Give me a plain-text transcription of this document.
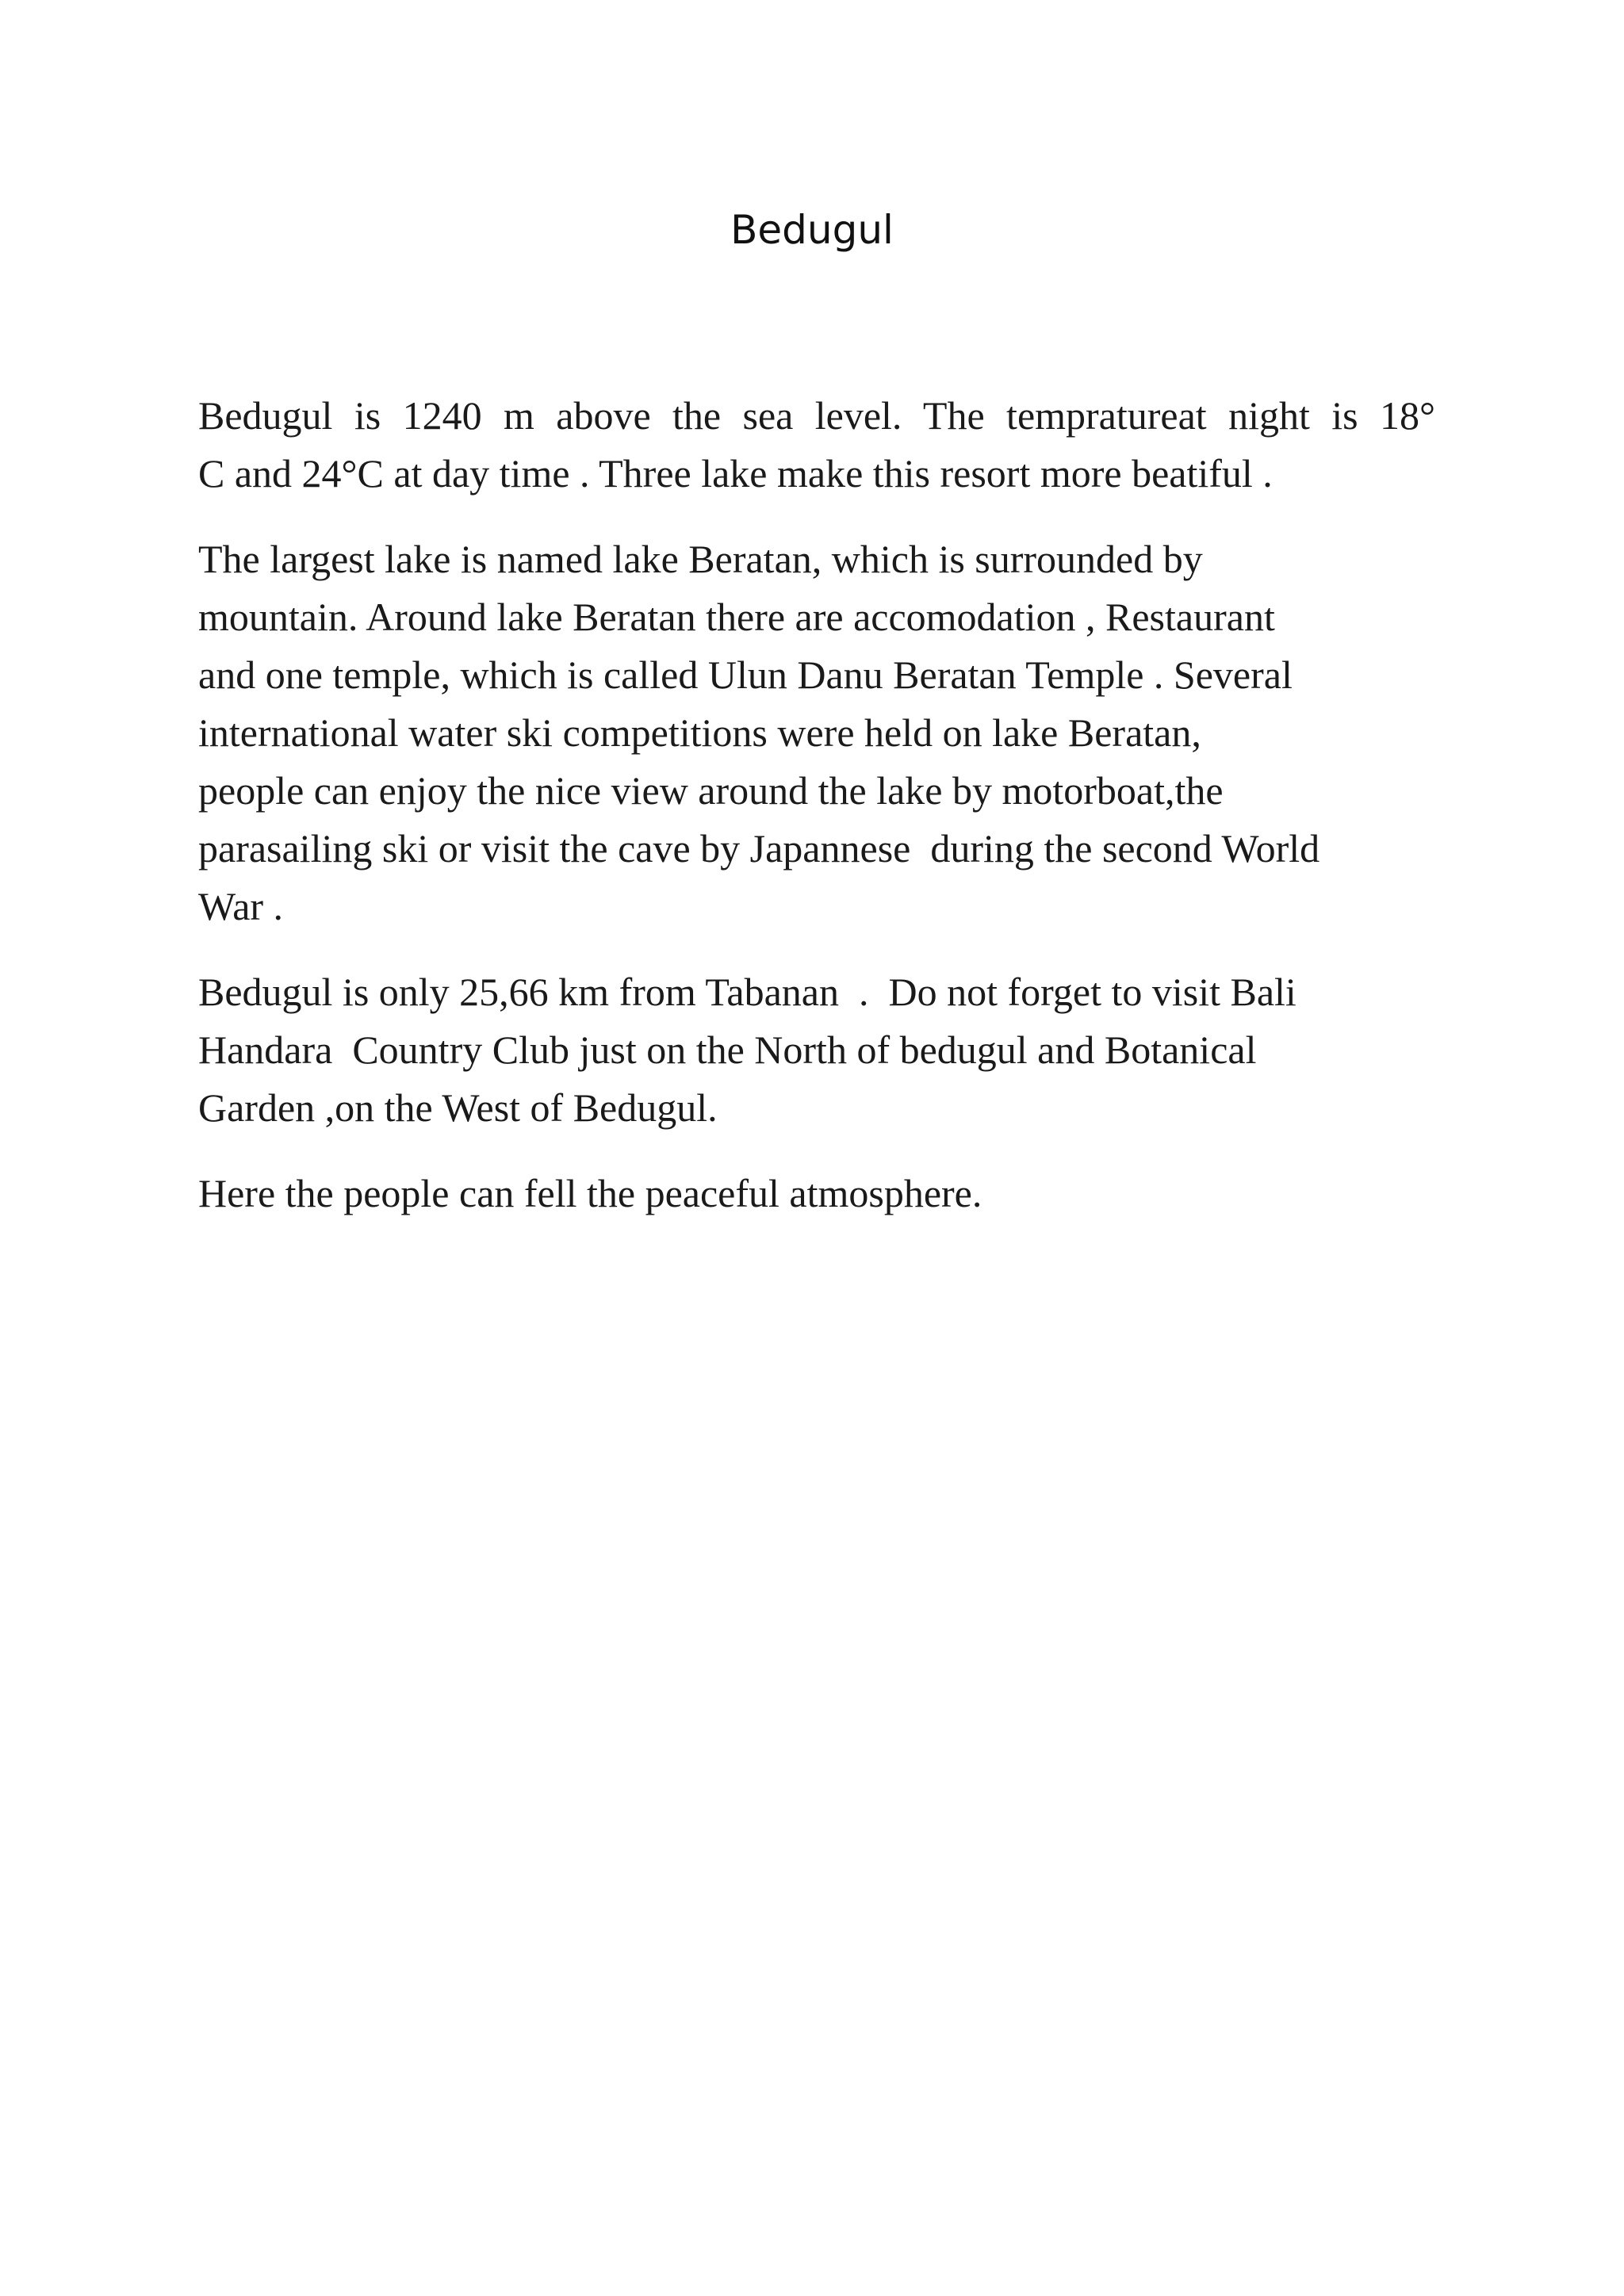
Bedugul

Bedugul is 1240 m above the sea level. The tempratureat night is 18°
C and 24°C at day time . Three lake make this resort more beatiful .

The largest lake is named lake Beratan, which is surrounded by
mountain. Around lake Beratan there are accomodation , Restaurant
and one temple, which is called Ulun Danu Beratan Temple . Several
international water ski competitions were held on lake Beratan,
people can enjoy the nice view around the lake by motorboat,the
parasailing ski or visit the cave by Japannese  during the second World
War .

Bedugul is only 25,66 km from Tabanan  .  Do not forget to visit Bali
Handara  Country Club just on the North of bedugul and Botanical
Garden ,on the West of Bedugul.

Here the people can fell the peaceful atmosphere.
